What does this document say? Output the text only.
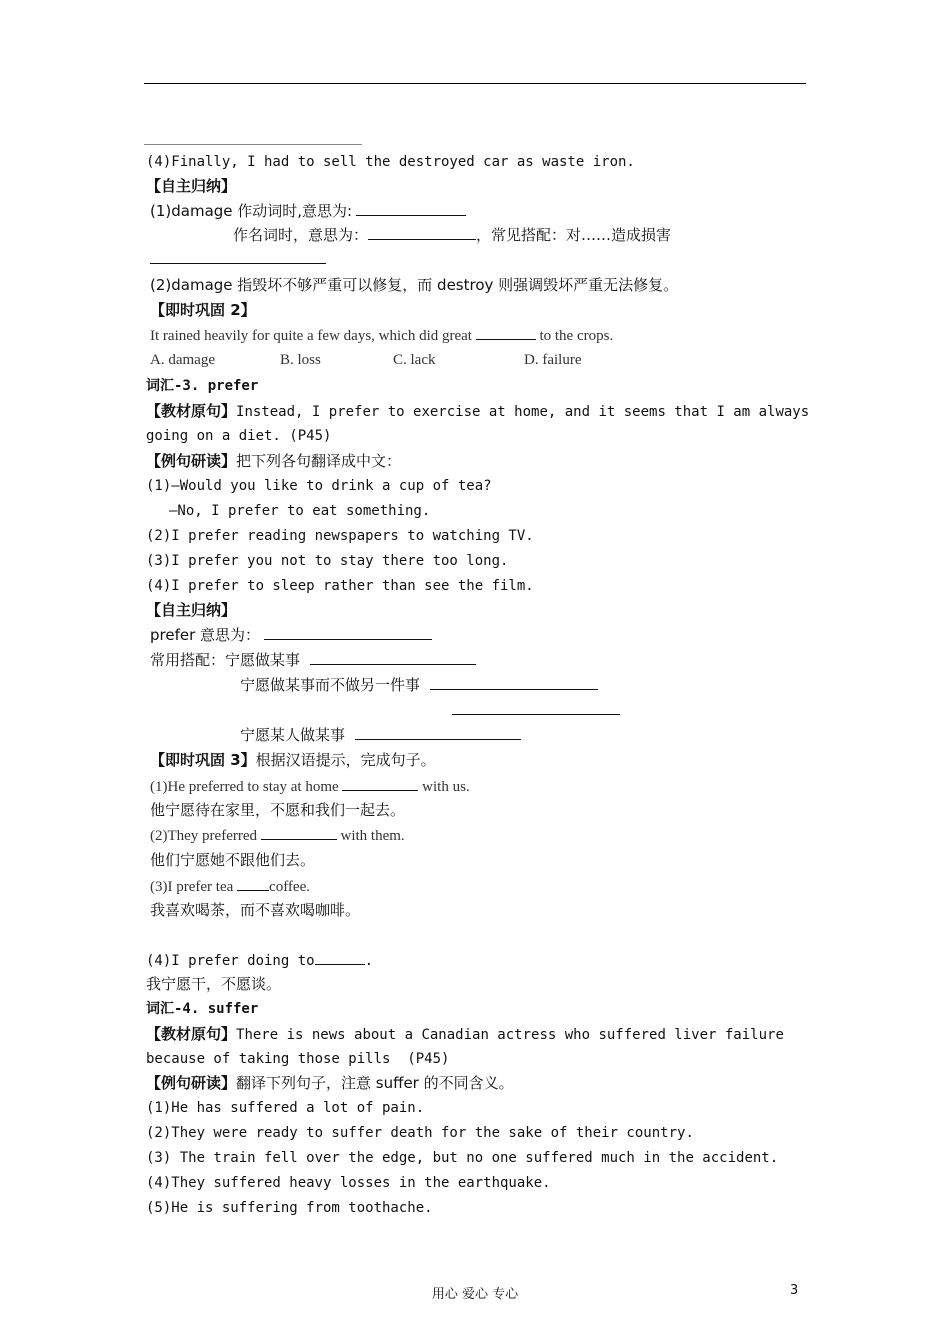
(4)Finally, I had to sell the destroyed car as waste iron.
【自主归纳】
(1)damage 作动词时,意思为:
作名词时，意思为：	，常见搭配：对……造成损害
(2)damage 指毁坏不够严重可以修复，而 destroy 则强调毁坏严重无法修复。
【即时巩固 2】
It rained heavily for quite a few days, which did great	to the crops.
A. damage	B. loss	C. lack	D. failure
词汇-3. prefer
【教材原句】Instead, I prefer to exercise at home, and it seems that I am always
going on a diet. (P45)
【例句研读】把下列各句翻译成中文：
(1)—Would you like to drink a cup of tea?
—No, I prefer to eat something.
(2)I prefer reading newspapers to watching TV.
(3)I prefer you not to stay there too long.
(4)I prefer to sleep rather than see the film.
【自主归纳】
prefer 意思为：
常用搭配：宁愿做某事
宁愿做某事而不做另一件事
宁愿某人做某事
【即时巩固 3】根据汉语提示，完成句子。
(1)He preferred to stay at home	with us.
他宁愿待在家里，不愿和我们一起去。
(2)They preferred	with them.
他们宁愿她不跟他们去。
(3)I prefer tea coffee.
我喜欢喝茶，而不喜欢喝咖啡。
(4)I prefer doing to	.
我宁愿干，不愿谈。
词汇-4. suffer
【教材原句】There is news about a Canadian actress who suffered liver failure
because of taking those pills  (P45)
【例句研读】翻译下列句子，注意 suffer 的不同含义。
(1)He has suffered a lot of pain.
(2)They were ready to suffer death for the sake of their country.
(3) The train fell over the edge, but no one suffered much in the accident.
(4)They suffered heavy losses in the earthquake.
(5)He is suffering from toothache.
用心 爱心 专心	3
